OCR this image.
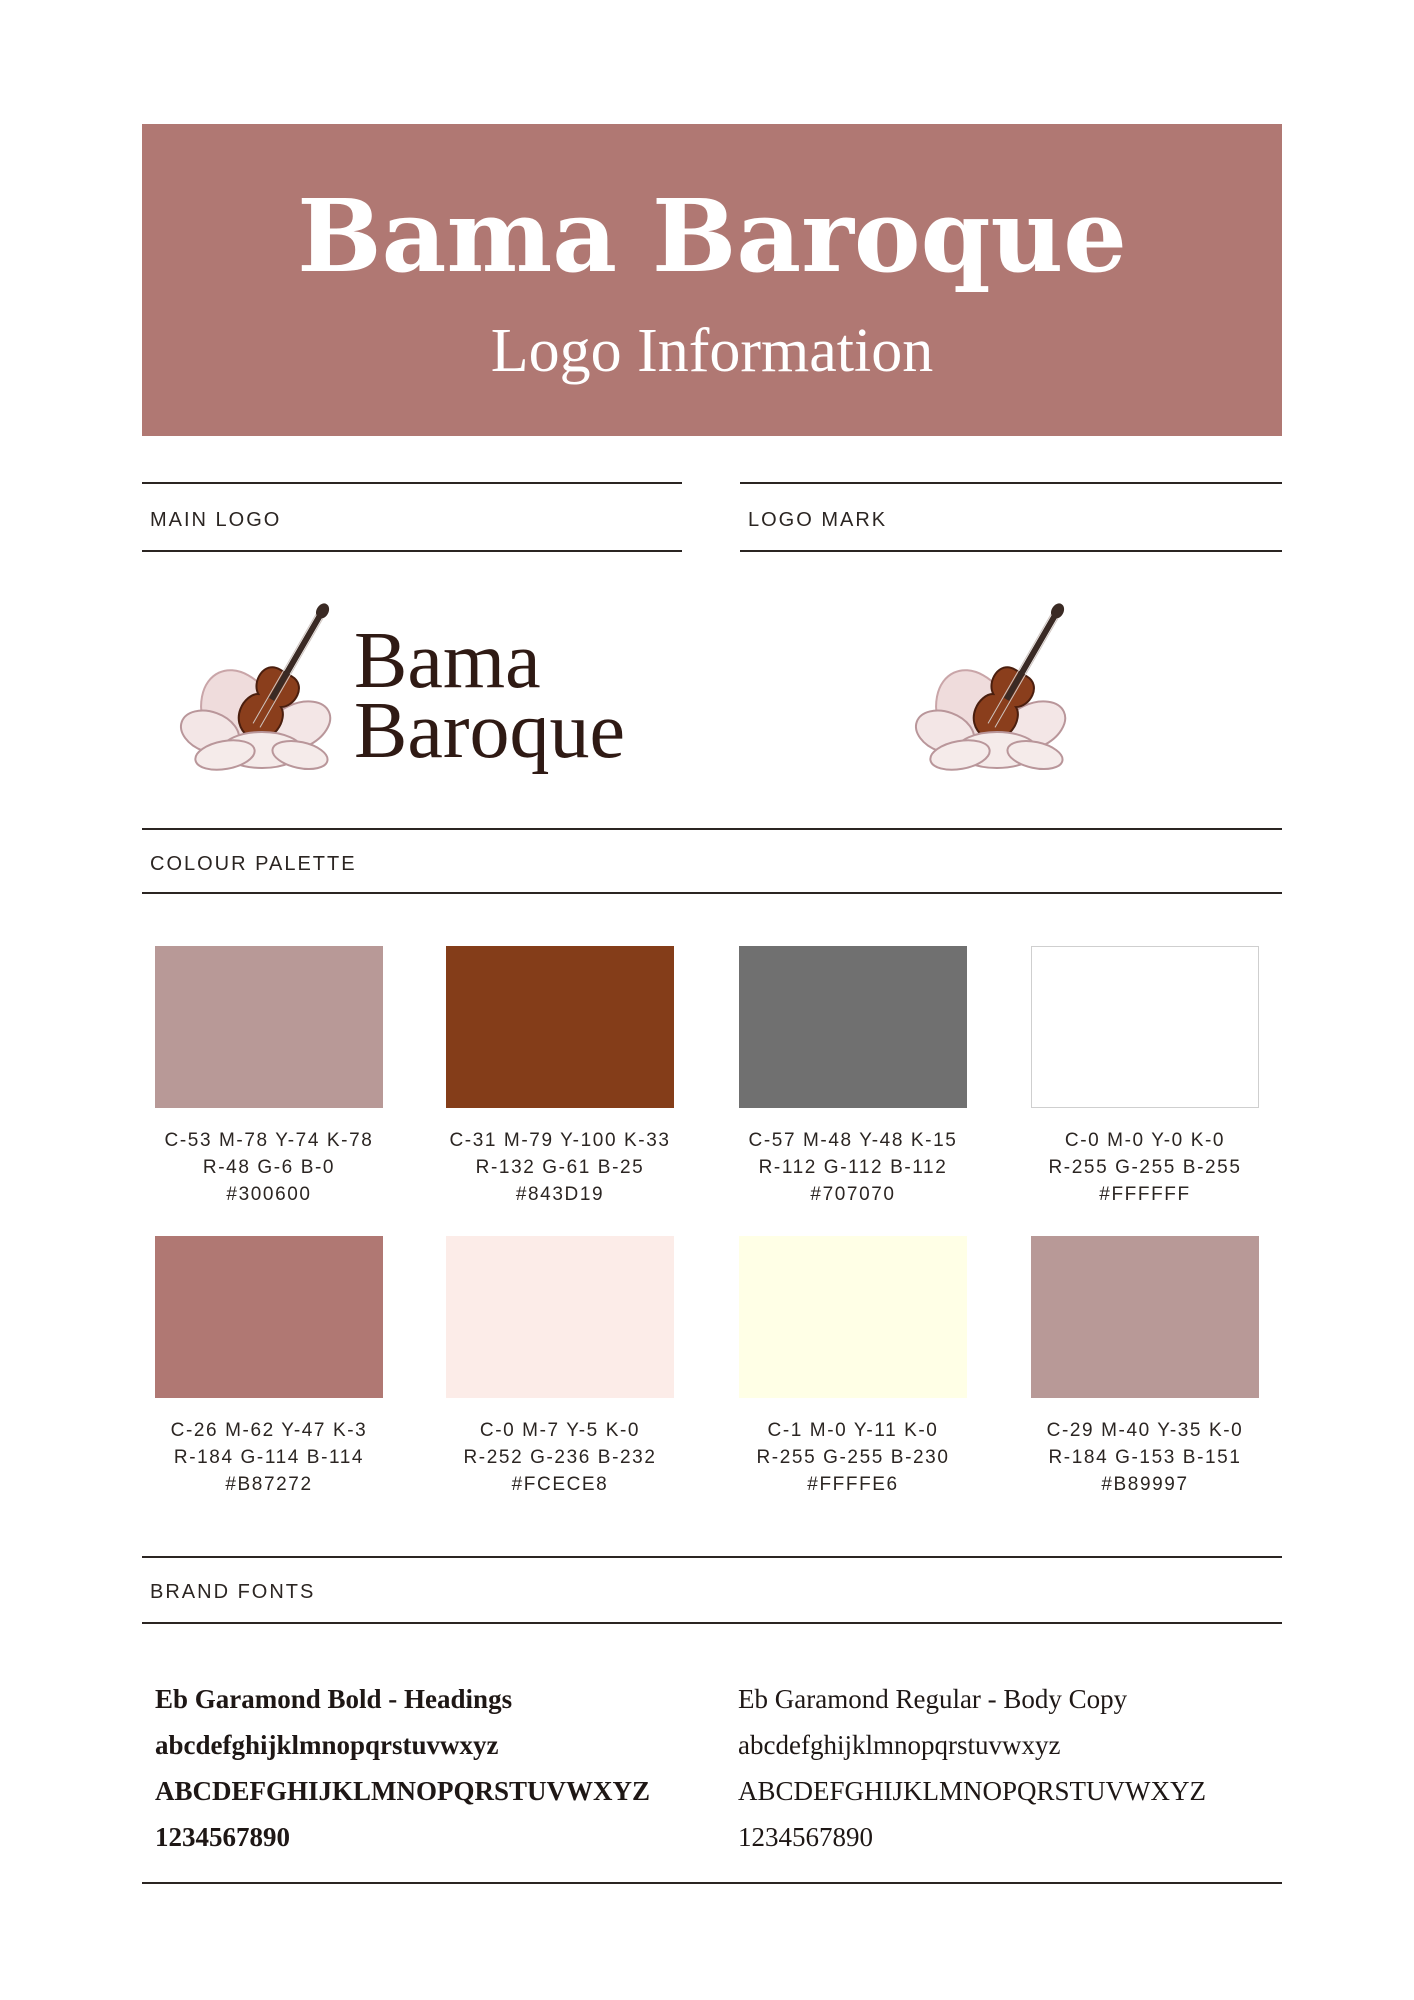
Bama Baroque
Logo Information
MAIN LOGO	LOGO MARK
Bama
Baroque
COLOUR PALETTE
C-53 M-78 Y-74 K-78
R-48 G-6 B-0
#300600
C-31 M-79 Y-100 K-33
R-132 G-61 B-25
#843D19
C-57 M-48 Y-48 K-15
R-112 G-112 B-112
#707070
C-0 M-0 Y-0 K-0
R-255 G-255 B-255
#FFFFFF
C-26 M-62 Y-47 K-3
R-184 G-114 B-114
#B87272
C-0 M-7 Y-5 K-0
R-252 G-236 B-232
#FCECE8
C-1 M-0 Y-11 K-0
R-255 G-255 B-230
#FFFFE6
C-29 M-40 Y-35 K-0
R-184 G-153 B-151
#B89997
BRAND FONTS
Eb Garamond Bold - Headings
abcdefghijklmnopqrstuvwxyz
ABCDEFGHIJKLMNOPQRSTUVWXYZ
1234567890
Eb Garamond Regular - Body Copy
abcdefghijklmnopqrstuvwxyz
ABCDEFGHIJKLMNOPQRSTUVWXYZ
1234567890
